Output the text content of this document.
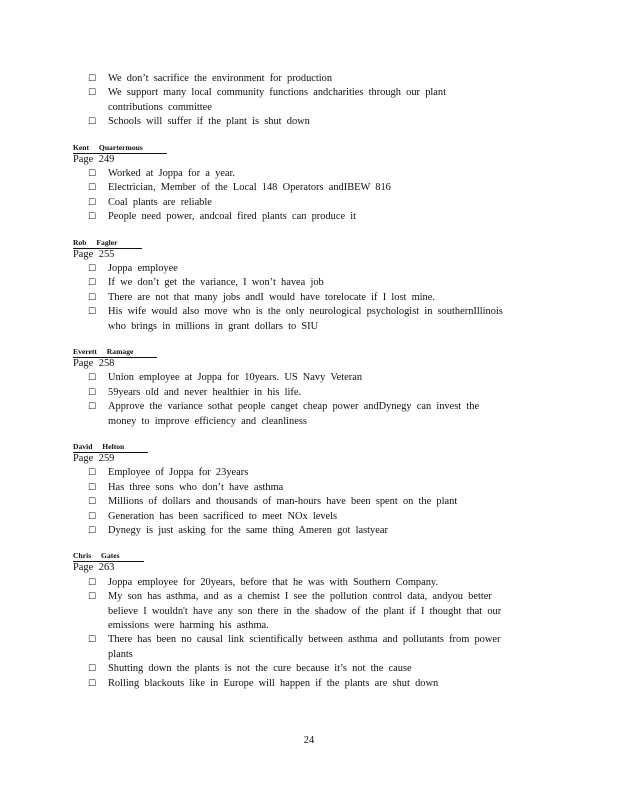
☐ We don’t sacrifice the environment for production
☐ We support many local community functions andcharities through our plant
contributions committee
☐ Schools will suffer if the plant is shut down
Kent Quartermous
Page 249
☐ Worked at Joppa for a year.
☐ Electrician, Member of the Local 148 Operators andIBEW 816
☐ Coal plants are reliable
☐ People need power, andcoal fired plants can produce it
Rob Fagler
Page 255
☐ Joppa employee
☐ If we don’t get the variance, I won’t havea job
☐ There are not that many jobs andI would have torelocate if I lost mine.
☐ His wife would also move who is the only neurological psychologist in southernIllinois
who brings in millions in grant dollars to SIU
Everett Ramage
Page 258
☐ Union employee at Joppa for 10years. US Navy Veteran
☐ 59years old and never healthier in his life.
☐ Approve the variance sothat people canget cheap power andDynegy can invest the
money to improve efficiency and cleanliness
David Helton
Page 259
☐ Employee of Joppa for 23years
☐ Has three sons who don’t have asthma
☐ Millions of dollars and thousands of man-hours have been spent on the plant
☐ Generation has been sacrificed to meet NOx levels
☐ Dynegy is just asking for the same thing Ameren got lastyear
Chris Gates
Page 263
☐ Joppa employee for 20years, before that he was with Southern Company.
☐ My son has asthma, and as a chemist I see the pollution control data, andyou better
believe I wouldn't have any son there in the shadow of the plant if I thought that our
emissions were harming his asthma.
☐ There has been no causal link scientifically between asthma and pollutants from power
plants
☐ Shutting down the plants is not the cure because it’s not the cause
☐ Rolling blackouts like in Europe will happen if the plants are shut down
24
